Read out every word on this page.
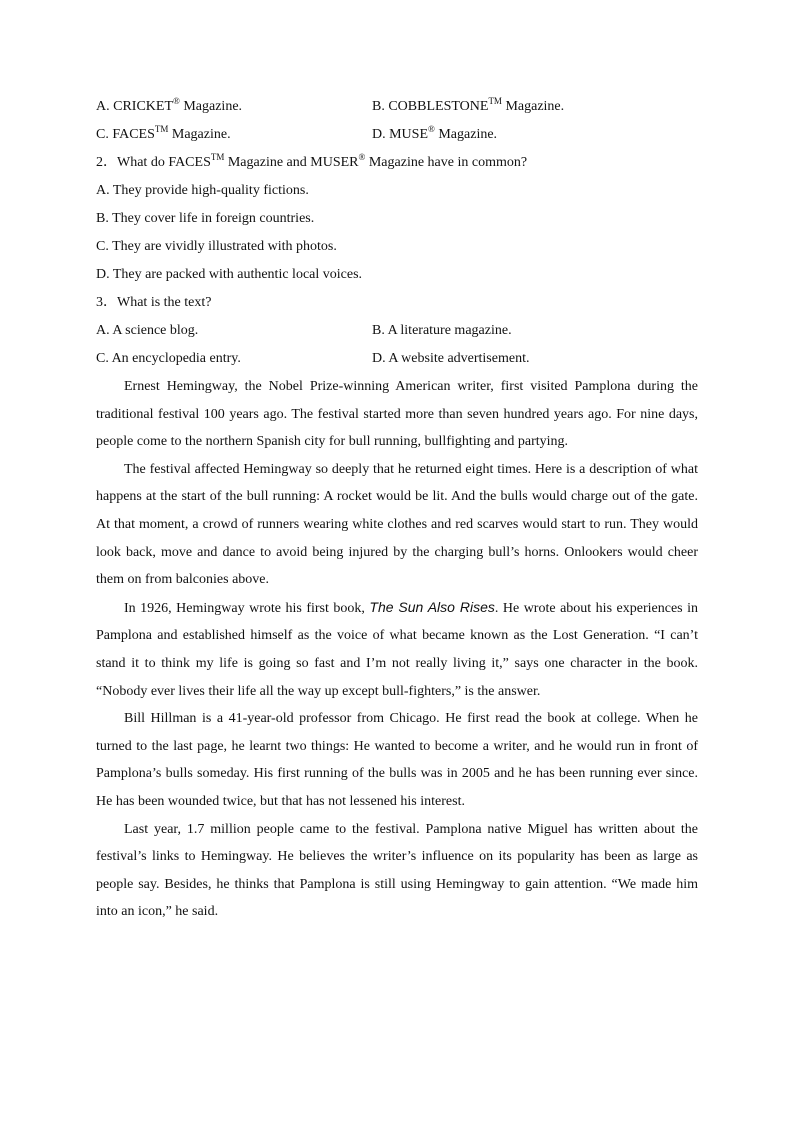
A. CRICKET® Magazine.	B. COBBLESTONE™ Magazine.
C. FACES™ Magazine.	D. MUSE® Magazine.
2．What do FACES™ Magazine and MUSER® Magazine have in common?
A. They provide high-quality fictions.
B. They cover life in foreign countries.
C. They are vividly illustrated with photos.
D. They are packed with authentic local voices.
3．What is the text?
A. A science blog.	B. A literature magazine.
C. An encyclopedia entry.	D. A website advertisement.

Ernest Hemingway, the Nobel Prize-winning American writer, first visited Pamplona during the traditional festival 100 years ago. The festival started more than seven hundred years ago. For nine days, people come to the northern Spanish city for bull running, bullfighting and partying.

The festival affected Hemingway so deeply that he returned eight times. Here is a description of what happens at the start of the bull running: A rocket would be lit. And the bulls would charge out of the gate. At that moment, a crowd of runners wearing white clothes and red scarves would start to run. They would look back, move and dance to avoid being injured by the charging bull’s horns. Onlookers would cheer them on from balconies above.

In 1926, Hemingway wrote his first book, The Sun Also Rises. He wrote about his experiences in Pamplona and established himself as the voice of what became known as the Lost Generation. “I can’t stand it to think my life is going so fast and I’m not really living it,” says one character in the book. “Nobody ever lives their life all the way up except bull-fighters,” is the answer.

Bill Hillman is a 41-year-old professor from Chicago. He first read the book at college. When he turned to the last page, he learnt two things: He wanted to become a writer, and he would run in front of Pamplona’s bulls someday. His first running of the bulls was in 2005 and he has been running ever since. He has been wounded twice, but that has not lessened his interest.

Last year, 1.7 million people came to the festival. Pamplona native Miguel has written about the festival’s links to Hemingway. He believes the writer’s influence on its popularity has been as large as people say. Besides, he thinks that Pamplona is still using Hemingway to gain attention. “We made him into an icon,” he said.
